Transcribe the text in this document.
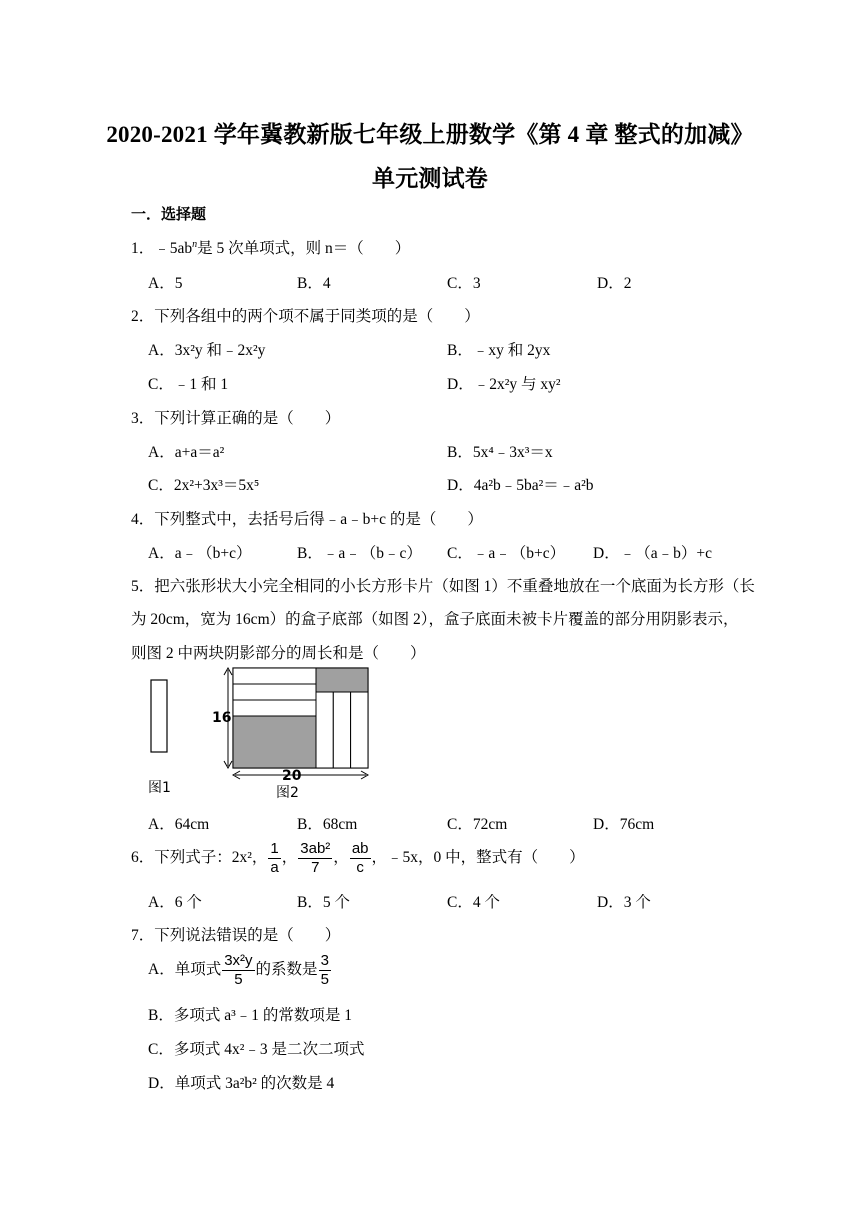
2020-2021 学年冀教新版七年级上册数学《第 4 章 整式的加减》
单元测试卷
一．选择题
1．$﹣5ab^n$是 5 次单项式，则 n＝（　　）
A．5	B．4	C．3	D．2
2．下列各组中的两个项不属于同类项的是（　　）
A．3x²y 和﹣2x²y	B．﹣xy 和 2yx
C．﹣1 和 1	D．﹣2x²y 与 xy²
3．下列计算正确的是（　　）
A．a+a＝a²	B．5x⁴﹣3x³＝x
C．2x²+3x³＝5x⁵	D．4a²b﹣5ba²＝﹣a²b
4．下列整式中，去括号后得﹣a﹣b+c 的是（　　）
A．a﹣（b+c）	B．﹣a﹣（b﹣c） C．﹣a﹣（b+c） D．﹣（a﹣b）+c
5．把六张形状大小完全相同的小长方形卡片（如图 1）不重叠地放在一个底面为长方形（长
为 20cm，宽为 16cm）的盒子底部（如图 2），盒子底面未被卡片覆盖的部分用阴影表示，
则图 2 中两块阴影部分的周长和是（　　）
图1
16
20
图2
A．64cm	B．68cm	C．72cm	D．76cm
6．下列式子：2x²， $\frac{1}{a}$ ， $\frac{\text{3ab²}}{7}$ ， $\frac{ab}{c}$ ，﹣5x，0 中，整式有（　　）
A．6 个	B．5 个	C．4 个	D．3 个
7．下列说法错误的是（　　）
A．单项式 $\frac{\text{3x²y}}{5}$ 的系数是 $\frac{3}{5}$
B．多项式 a³﹣1 的常数项是 1
C．多项式 4x²﹣3 是二次二项式
D．单项式 3a²b² 的次数是 4
